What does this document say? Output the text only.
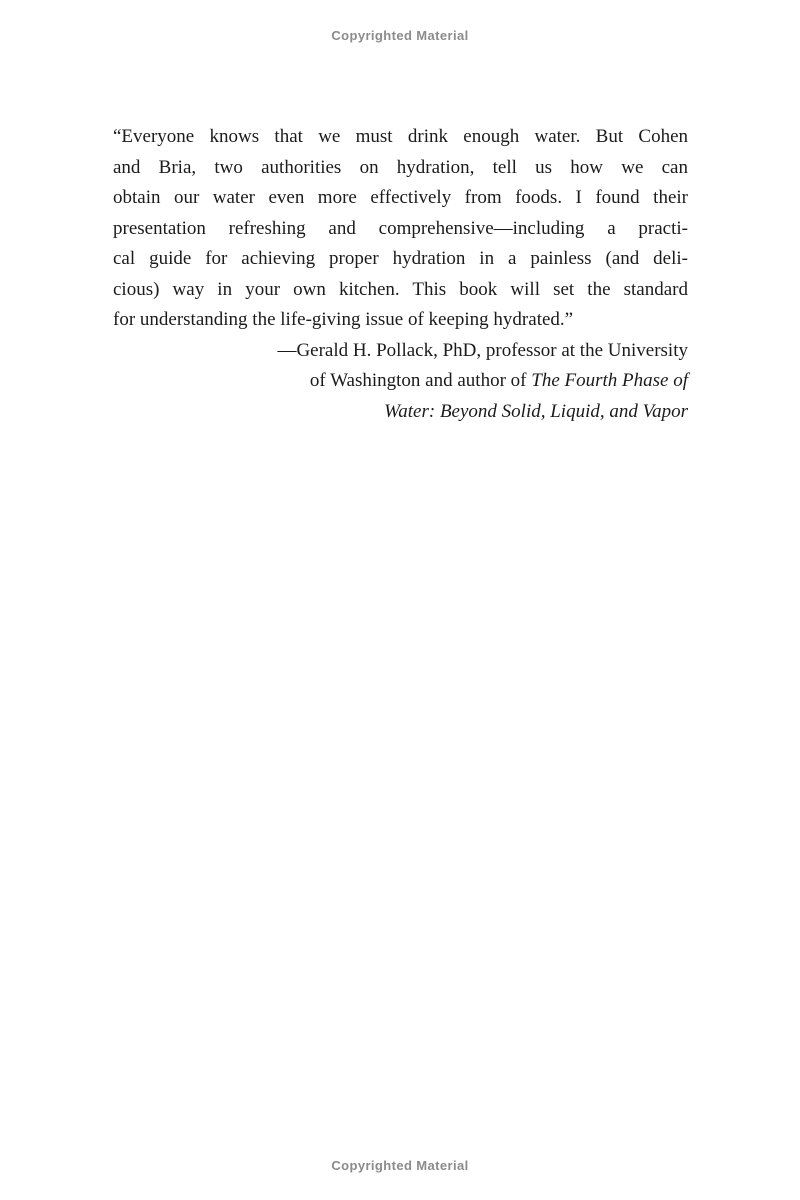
Copyrighted Material
“Everyone knows that we must drink enough water. But Cohen
and Bria, two authorities on hydration, tell us how we can
obtain our water even more effectively from foods. I found their
presentation refreshing and comprehensive—including a practi-
cal guide for achieving proper hydration in a painless (and deli-
cious) way in your own kitchen. This book will set the standard
for understanding the life-giving issue of keeping hydrated.”
—Gerald H. Pollack, PhD, professor at the University
of Washington and author of The Fourth Phase of
Water: Beyond Solid, Liquid, and Vapor
Copyrighted Material
